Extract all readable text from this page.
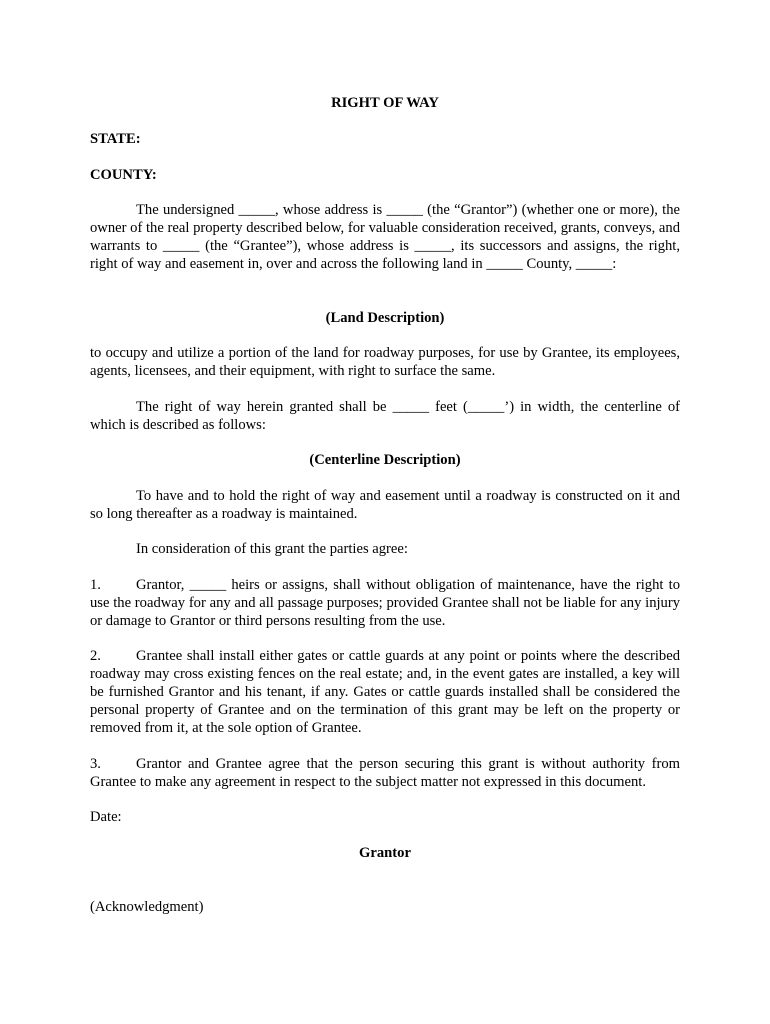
RIGHT OF WAY
STATE:
COUNTY:
The undersigned _____, whose address is _____ (the “Grantor”) (whether one or more), the owner of the real property described below, for valuable consideration received, grants, conveys, and warrants to _____ (the “Grantee”), whose address is _____, its successors and assigns, the right, right of way and easement in, over and across the following land in _____ County, _____:
(Land Description)
to occupy and utilize a portion of the land for roadway purposes, for use by Grantee, its employees, agents, licensees, and their equipment, with right to surface the same.
The right of way herein granted shall be _____ feet (_____’) in width, the centerline of which is described as follows:
(Centerline Description)
To have and to hold the right of way and easement until a roadway is constructed on it and so long thereafter as a roadway is maintained.
In consideration of this grant the parties agree:
1. Grantor, _____ heirs or assigns, shall without obligation of maintenance, have the right to use the roadway for any and all passage purposes; provided Grantee shall not be liable for any injury or damage to Grantor or third persons resulting from the use.
2. Grantee shall install either gates or cattle guards at any point or points where the described roadway may cross existing fences on the real estate; and, in the event gates are installed, a key will be furnished Grantor and his tenant, if any. Gates or cattle guards installed shall be considered the personal property of Grantee and on the termination of this grant may be left on the property or removed from it, at the sole option of Grantee.
3. Grantor and Grantee agree that the person securing this grant is without authority from Grantee to make any agreement in respect to the subject matter not expressed in this document.
Date:
Grantor
(Acknowledgment)
